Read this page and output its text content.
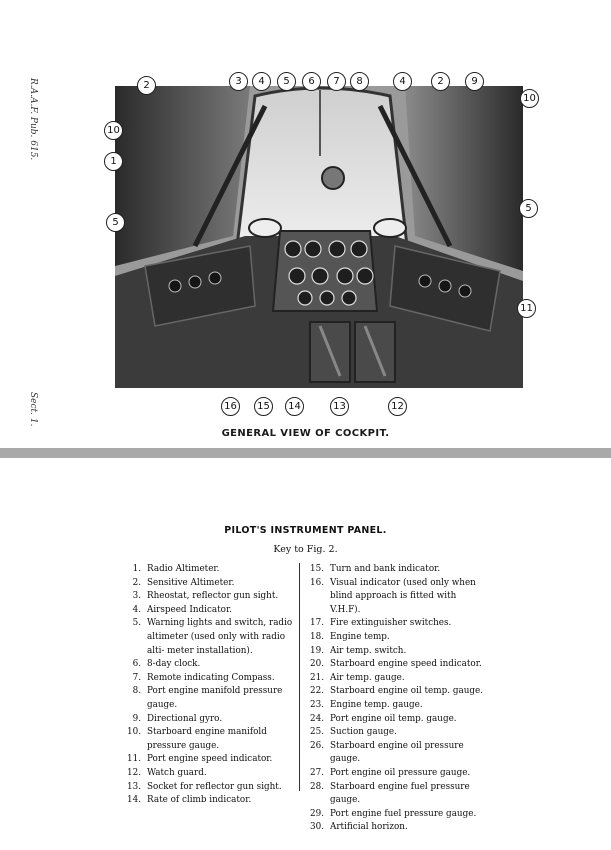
R.A.A.F. Pub. 615.
Sect. 1.
2	3	4	5	6	7	8	4	2	9
10
1
5
10
5
11
16	15	14	13	12
GENERAL VIEW OF COCKPIT.
PILOT'S INSTRUMENT PANEL.
Key to Fig. 2.
1. Radio Altimeter.
2. Sensitive Altimeter.
3. Rheostat, reflector gun sight.
4. Airspeed Indicator.
5. Warning lights and switch, radio altimeter (used only with radio alti- meter installation).
6. 8-day clock.
7. Remote indicating Compass.
8. Port engine manifold pressure gauge.
9. Directional gyro.
10. Starboard engine manifold pressure gauge.
11. Port engine speed indicator.
12. Watch guard.
13. Socket for reflector gun sight.
14. Rate of climb indicator.
15. Turn and bank indicator.
16. Visual indicator (used only when blind approach is fitted with V.H.F).
17. Fire extinguisher switches.
18. Engine temp.
19. Air temp. switch.
20. Starboard engine speed indicator.
21. Air temp. gauge.
22. Starboard engine oil temp. gauge.
23. Engine temp. gauge.
24. Port engine oil temp. gauge.
25. Suction gauge.
26. Starboard engine oil pressure gauge.
27. Port engine oil pressure gauge.
28. Starboard engine fuel pressure gauge.
29. Port engine fuel pressure gauge.
30. Artificial horizon.
